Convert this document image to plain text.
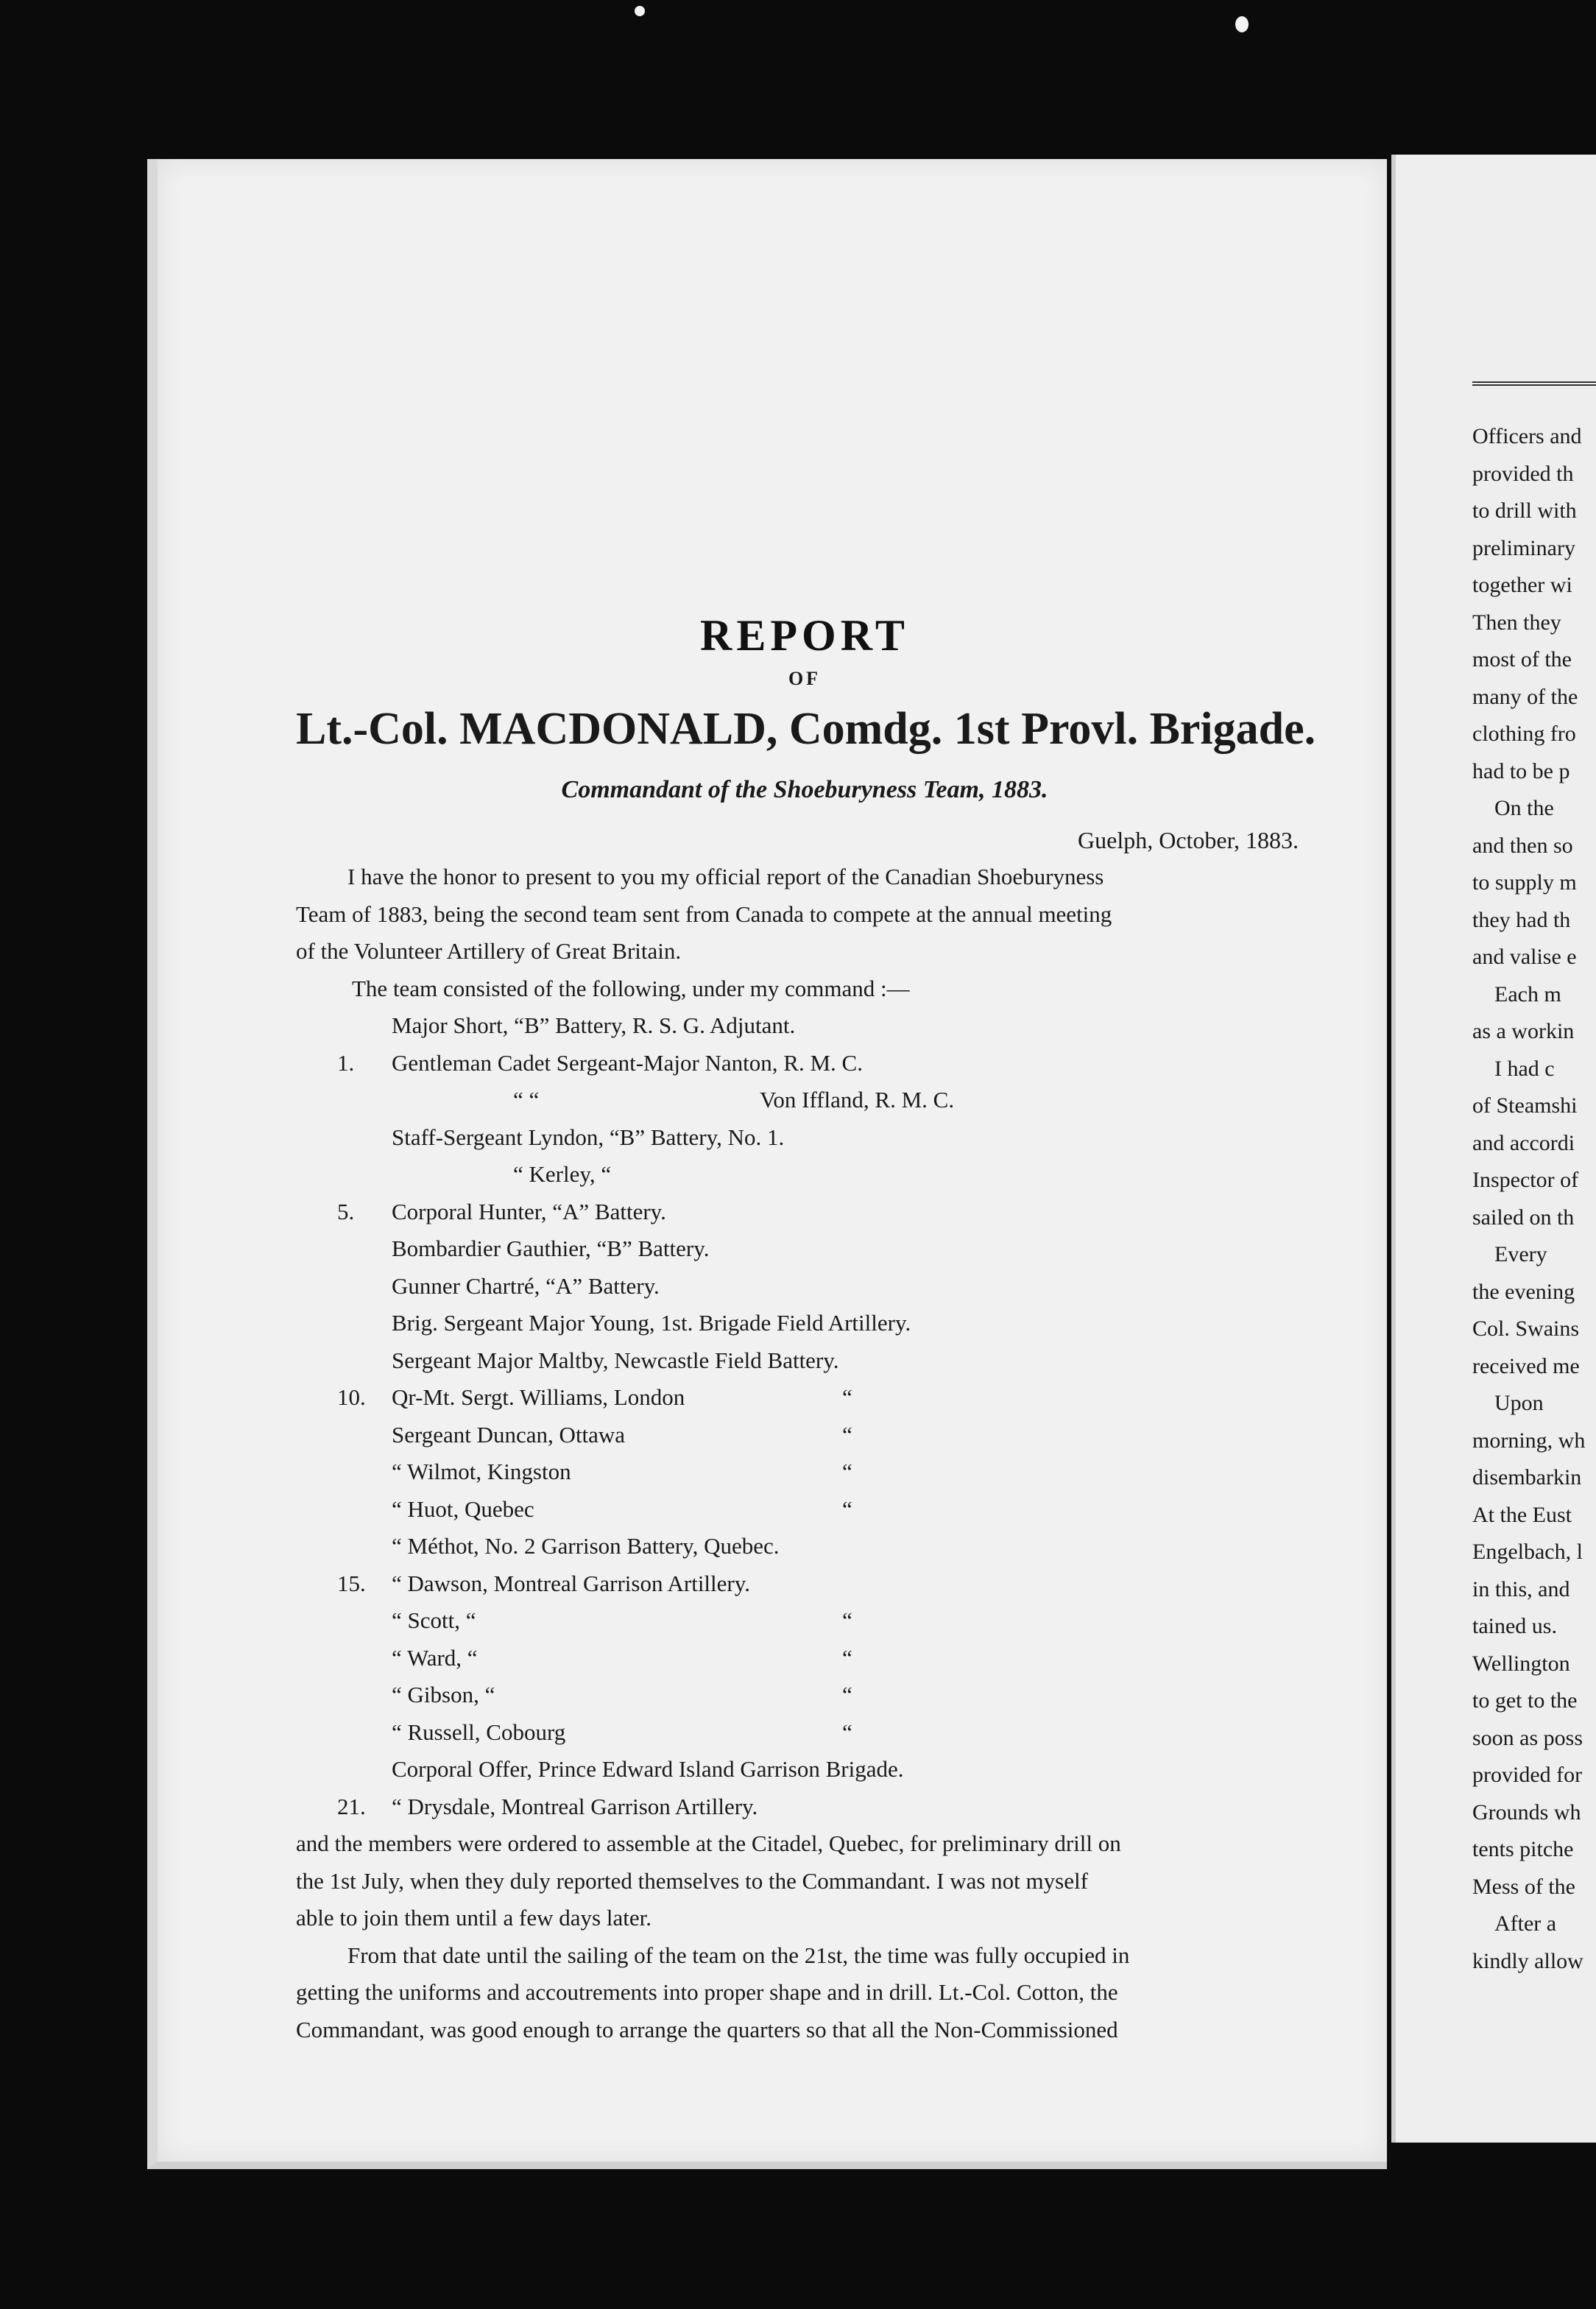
REPORT
OF
Lt.-Col. MACDONALD, Comdg. 1st Provl. Brigade.
Commandant of the Shoeburyness Team, 1883.
Guelph, October, 1883.

I have the honor to present to you my official report of the Canadian Shoeburyness
Team of 1883, being the second team sent from Canada to compete at the annual meeting
of the Volunteer Artillery of Great Britain.

The team consisted of the following, under my command :—
Major Short, “B” Battery, R. S. G. Adjutant.
1.	Gentleman Cadet Sergeant-Major Nanton, R. M. C.
“ “	Von Iffland, R. M. C.
Staff-Sergeant Lyndon, “B” Battery, No. 1.
“ Kerley, “
5.	Corporal Hunter, “A” Battery.
Bombardier Gauthier, “B” Battery.
Gunner Chartré, “A” Battery.
Brig. Sergeant Major Young, 1st. Brigade Field Artillery.
Sergeant Major Maltby, Newcastle Field Battery.
10.	Qr-Mt. Sergt. Williams, London	“
Sergeant Duncan, Ottawa	“
“ Wilmot, Kingston	“
“ Huot, Quebec	“
“ Méthot, No. 2 Garrison Battery, Quebec.
15.	“ Dawson, Montreal Garrison Artillery.
“ Scott, “	“
“ Ward, “	“
“ Gibson, “	“
“ Russell, Cobourg	“
Corporal Offer, Prince Edward Island Garrison Brigade.
21.	“ Drysdale, Montreal Garrison Artillery.

and the members were ordered to assemble at the Citadel, Quebec, for preliminary drill on
the 1st July, when they duly reported themselves to the Commandant. I was not myself
able to join them until a few days later.

From that date until the sailing of the team on the 21st, the time was fully occupied in
getting the uniforms and accoutrements into proper shape and in drill. Lt.-Col. Cotton, the
Commandant, was good enough to arrange the quarters so that all the Non-Commissioned

Officers and
provided th
to drill with
preliminary
together wi
Then they
most of the
many of the
clothing fro
had to be p
On the
and then so
to supply m
they had th
and valise e
Each m
as a workin
I had c
of Steamshi
and accordi
Inspector of
sailed on th
Every
the evening
Col. Swains
received me
Upon
morning, wh
disembarkin
At the Eust
Engelbach, l
in this, and
tained us.
Wellington
to get to the
soon as poss
provided for
Grounds wh
tents pitche
Mess of the
After a
kindly allow
